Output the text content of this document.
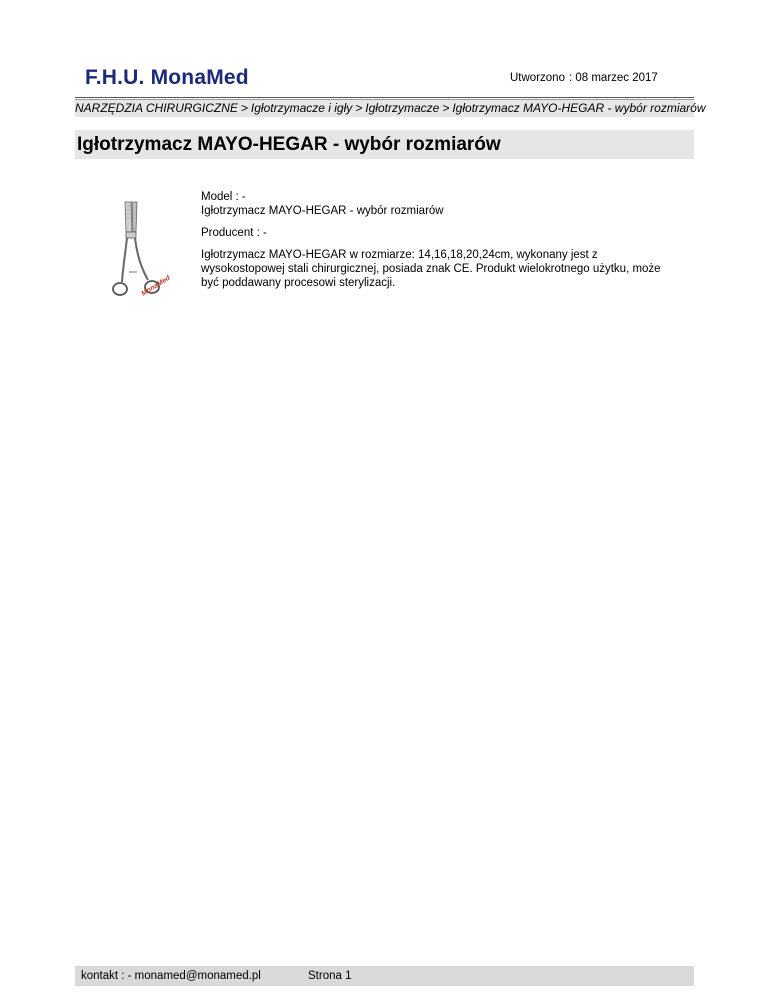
F.H.U. MonaMed	Utworzono : 08 marzec 2017
NARZĘDZIA CHIRURGICZNE > Igłotrzymacze i igły > Igłotrzymacze > Igłotrzymacz MAYO-HEGAR - wybór rozmiarów
Igłotrzymacz MAYO-HEGAR - wybór rozmiarów
MonaMed

Model : -

Igłotrzymacz MAYO-HEGAR - wybór rozmiarów

Producent : -

Igłotrzymacz MAYO-HEGAR w rozmiarze: 14,16,18,20,24cm, wykonany jest z wysokostopowej stali chirurgicznej, posiada znak CE. Produkt wielokrotnego użytku, może być poddawany procesowi sterylizacji.

kontakt : - monamed@monamed.pl	Strona 1
